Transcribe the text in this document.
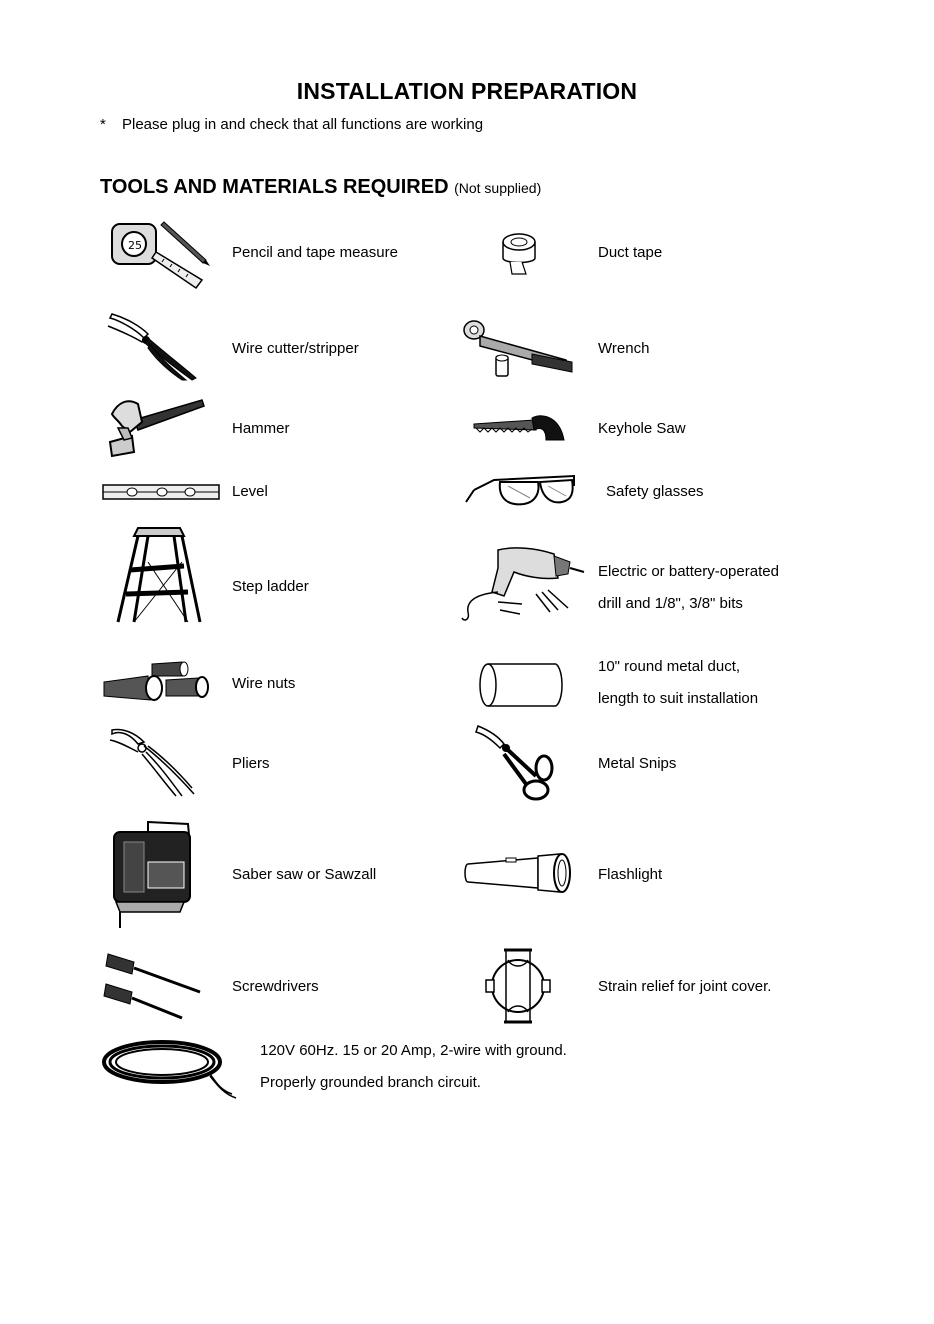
INSTALLATION PREPARATION
* Please plug in and check that all functions are working
TOOLS AND MATERIALS REQUIRED (Not supplied)
25	Pencil and tape measure
Wire cutter/stripper
Hammer
Level
Step ladder
Wire nuts
Pliers
Saber saw or Sawzall
Screwdrivers
Duct tape
Wrench
Keyhole Saw
Safety glasses
Electric or battery-operated
drill and 1/8", 3/8" bits
10" round metal duct,
length to suit installation
Metal Snips
Flashlight
Strain relief for joint cover.
120V 60Hz. 15 or 20 Amp, 2-wire with ground.
Properly grounded branch circuit.
